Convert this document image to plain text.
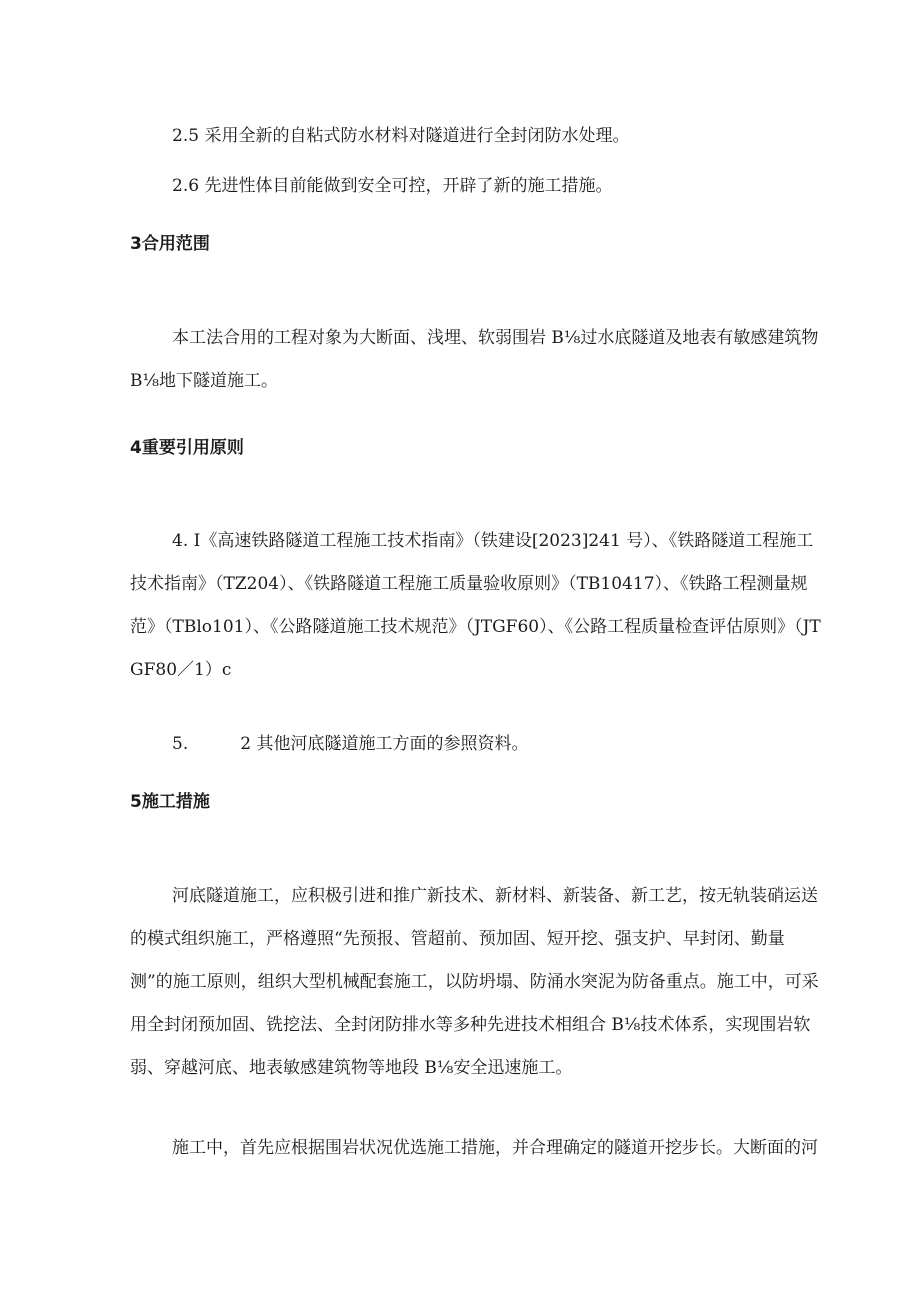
2.5 采用全新的自粘式防水材料对隧道进行全封闭防水处理。

2.6 先进性体目前能做到安全可控，开辟了新的施工措施。

3合用范围

本工法合用的工程对象为大断面、浅埋、软弱围岩 B⅛过水底隧道及地表有敏感建筑物 B⅛地下隧道施工。

4重要引用原则

4. I《高速铁路隧道工程施工技术指南》（铁建设[2023]241 号）、《铁路隧道工程施工技术指南》（TZ204）、《铁路隧道工程施工质量验收原则》（TB10417）、《铁路工程测量规范》（TBlo101）、《公路隧道施工技术规范》（JTGF60）、《公路工程质量检查评估原则》（JTGF80／1）c

5.	2 其他河底隧道施工方面的参照资料。

5施工措施

河底隧道施工，应积极引进和推广新技术、新材料、新装备、新工艺，按无轨装硝运送的模式组织施工，严格遵照“先预报、管超前、预加固、短开挖、强支护、早封闭、勤量测”的施工原则，组织大型机械配套施工，以防坍塌、防涌水突泥为防备重点。施工中，可采用全封闭预加固、铣挖法、全封闭防排水等多种先进技术相组合 B⅛技术体系，实现围岩软弱、穿越河底、地表敏感建筑物等地段 B⅛安全迅速施工。

施工中，首先应根据围岩状况优选施工措施，并合理确定的隧道开挖步长。大断面的河
